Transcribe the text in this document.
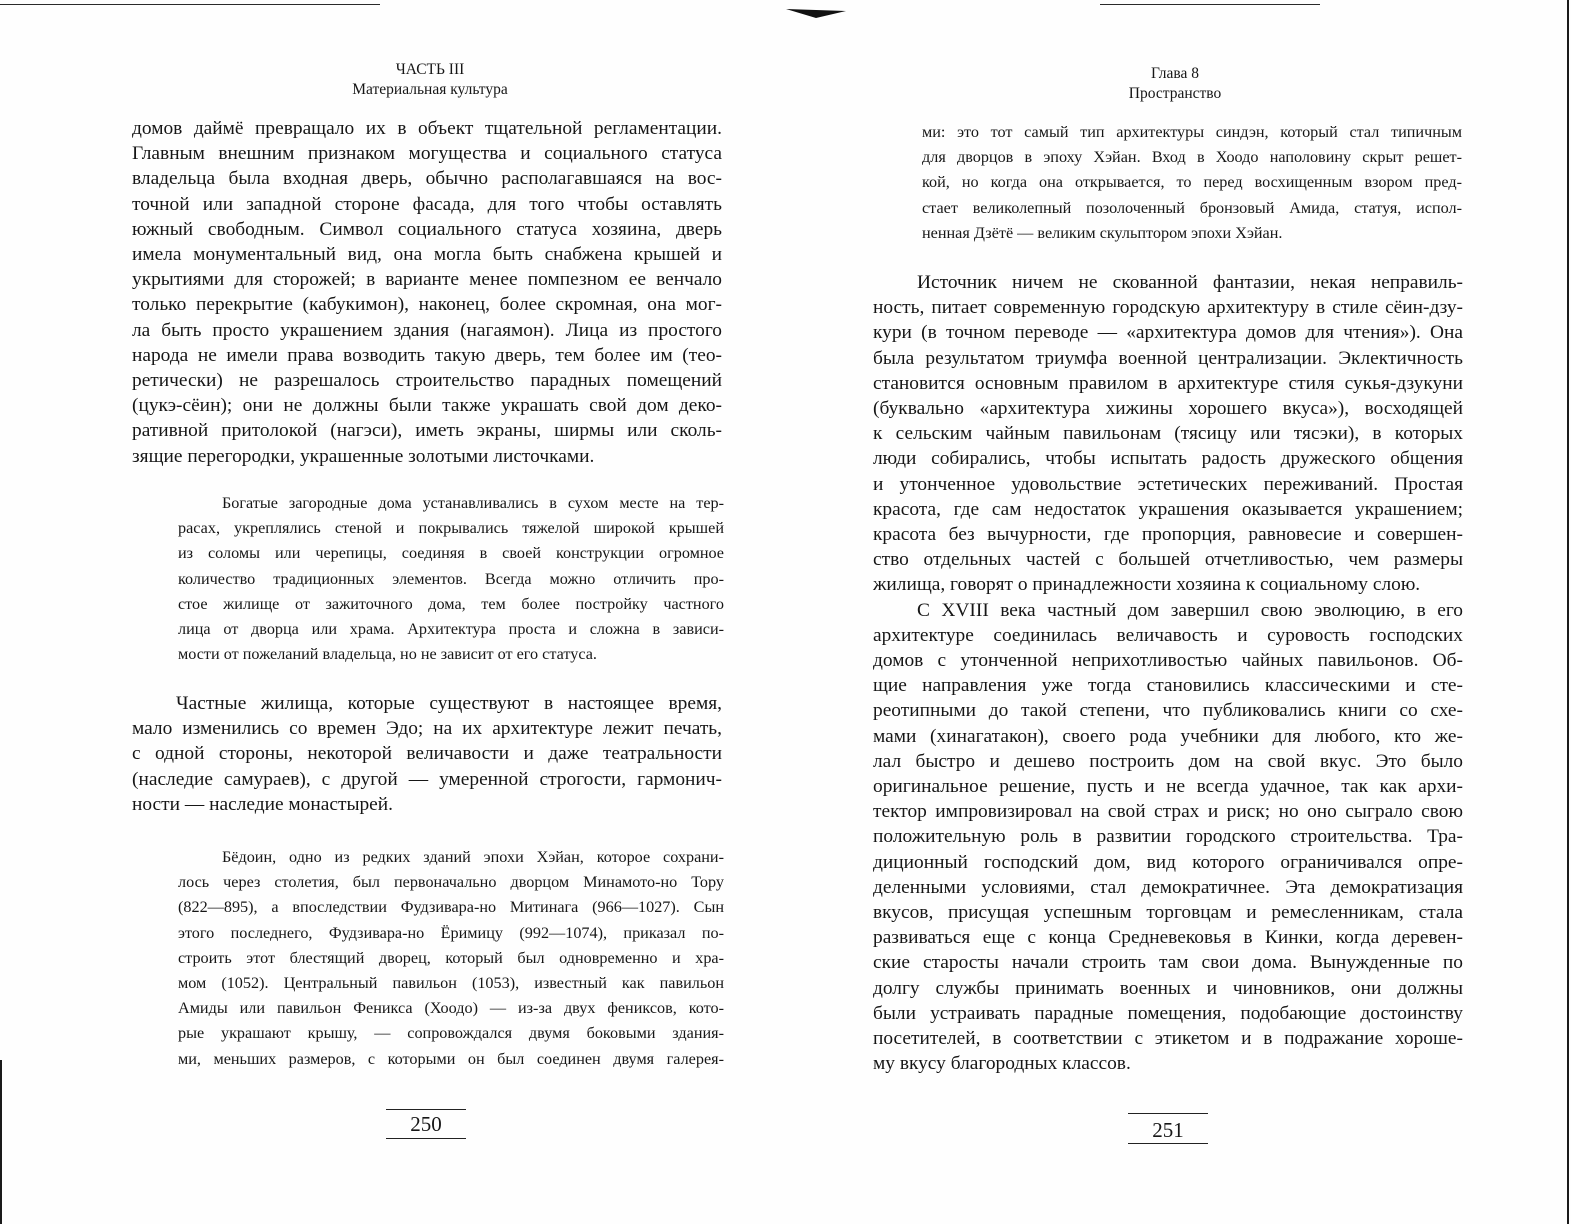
ЧАСТЬ III
Материальная культура
домов даймё превращало их в объект тщательной регламентации.
Главным внешним признаком могущества и социального статуса
владельца была входная дверь, обычно располагавшаяся на вос-
точной или западной стороне фасада, для того чтобы оставлять
южный свободным. Символ социального статуса хозяина, дверь
имела монументальный вид, она могла быть снабжена крышей и
укрытиями для сторожей; в варианте менее помпезном ее венчало
только перекрытие (кабукимон), наконец, более скромная, она мог-
ла быть просто украшением здания (нагаямон). Лица из простого
народа не имели права возводить такую дверь, тем более им (тео-
ретически) не разрешалось строительство парадных помещений
(цукэ-сёин); они не должны были также украшать свой дом деко-
ративной притолокой (нагэси), иметь экраны, ширмы или сколь-
зящие перегородки, украшенные золотыми листочками.
Богатые загородные дома устанавливались в сухом месте на тер-
расах, укреплялись стеной и покрывались тяжелой широкой крышей
из соломы или черепицы, соединяя в своей конструкции огромное
количество традиционных элементов. Всегда можно отличить про-
стое жилище от зажиточного дома, тем более постройку частного
лица от дворца или храма. Архитектура проста и сложна в зависи-
мости от пожеланий владельца, но не зависит от его статуса.
Частные жилища, которые существуют в настоящее время,
мало изменились со времен Эдо; на их архитектуре лежит печать,
с одной стороны, некоторой величавости и даже театральности
(наследие самураев), с другой — умеренной строгости, гармонич-
ности — наследие монастырей.
Бёдоин, одно из редких зданий эпохи Хэйан, которое сохрани-
лось через столетия, был первоначально дворцом Минамото-но Тору
(822—895), а впоследствии Фудзивара-но Митинага (966—1027). Сын
этого последнего, Фудзивара-но Ёримицу (992—1074), приказал по-
строить этот блестящий дворец, который был одновременно и хра-
мом (1052). Центральный павильон (1053), известный как павильон
Амиды или павильон Феникса (Хоодо) — из-за двух фениксов, кото-
рые украшают крышу, — сопровождался двумя боковыми здания-
ми, меньших размеров, с которыми он был соединен двумя галерея-
250
Глава 8
Пространство
ми: это тот самый тип архитектуры синдэн, который стал типичным
для дворцов в эпоху Хэйан. Вход в Хоодо наполовину скрыт решет-
кой, но когда она открывается, то перед восхищенным взором пред-
стает великолепный позолоченный бронзовый Амида, статуя, испол-
ненная Дзётё — великим скульптором эпохи Хэйан.
Источник ничем не скованной фантазии, некая неправиль-
ность, питает современную городскую архитектуру в стиле сёин-дзу-
кури (в точном переводе — «архитектура домов для чтения»). Она
была результатом триумфа военной централизации. Эклектичность
становится основным правилом в архитектуре стиля сукья-дзукуни
(буквально «архитектура хижины хорошего вкуса»), восходящей
к сельским чайным павильонам (тясицу или тясэки), в которых
люди собирались, чтобы испытать радость дружеского общения
и утонченное удовольствие эстетических переживаний. Простая
красота, где сам недостаток украшения оказывается украшением;
красота без вычурности, где пропорция, равновесие и совершен-
ство отдельных частей с большей отчетливостью, чем размеры
жилища, говорят о принадлежности хозяина к социальному слою.
С XVIII века частный дом завершил свою эволюцию, в его
архитектуре соединилась величавость и суровость господских
домов с утонченной неприхотливостью чайных павильонов. Об-
щие направления уже тогда становились классическими и сте-
реотипными до такой степени, что публиковались книги со схе-
мами (хинагатакон), своего рода учебники для любого, кто же-
лал быстро и дешево построить дом на свой вкус. Это было
оригинальное решение, пусть и не всегда удачное, так как архи-
тектор импровизировал на свой страх и риск; но оно сыграло свою
положительную роль в развитии городского строительства. Тра-
диционный господский дом, вид которого ограничивался опре-
деленными условиями, стал демократичнее. Эта демократизация
вкусов, присущая успешным торговцам и ремесленникам, стала
развиваться еще с конца Средневековья в Кинки, когда деревен-
ские старосты начали строить там свои дома. Вынужденные по
долгу службы принимать военных и чиновников, они должны
были устраивать парадные помещения, подобающие достоинству
посетителей, в соответствии с этикетом и в подражание хороше-
му вкусу благородных классов.
251
